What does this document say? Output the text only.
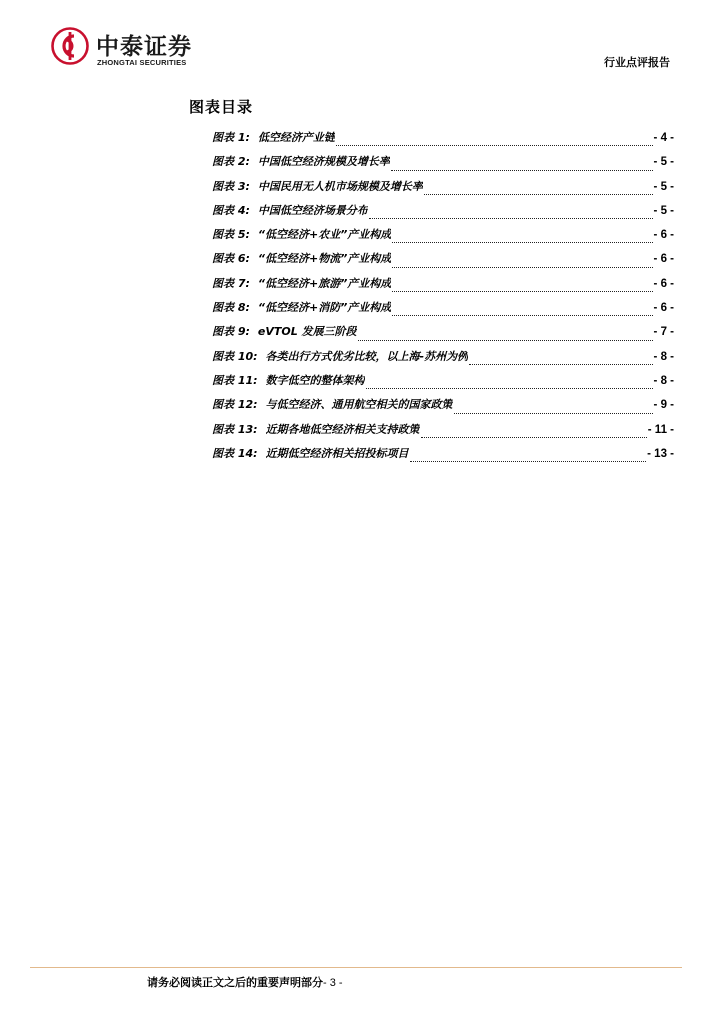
中泰证券
ZHONGTAI SECURITIES	行业点评报告
图表目录
图表 1: 低空经济产业链	- 4 -
图表 2: 中国低空经济规模及增长率	- 5 -
图表 3: 中国民用无人机市场规模及增长率	- 5 -
图表 4: 中国低空经济场景分布	- 5 -
图表 5: “低空经济+农业”产业构成	- 6 -
图表 6: “低空经济+物流”产业构成	- 6 -
图表 7: “低空经济+旅游”产业构成	- 6 -
图表 8: “低空经济+消防”产业构成	- 6 -
图表 9: eVTOL 发展三阶段	- 7 -
图表 10: 各类出行方式优劣比较，以上海-苏州为例	- 8 -
图表 11: 数字低空的整体架构	- 8 -
图表 12: 与低空经济、通用航空相关的国家政策	- 9 -
图表 13: 近期各地低空经济相关支持政策	- 11 -
图表 14: 近期低空经济相关招投标项目	- 13 -
请务必阅读正文之后的重要声明部分- 3 -
